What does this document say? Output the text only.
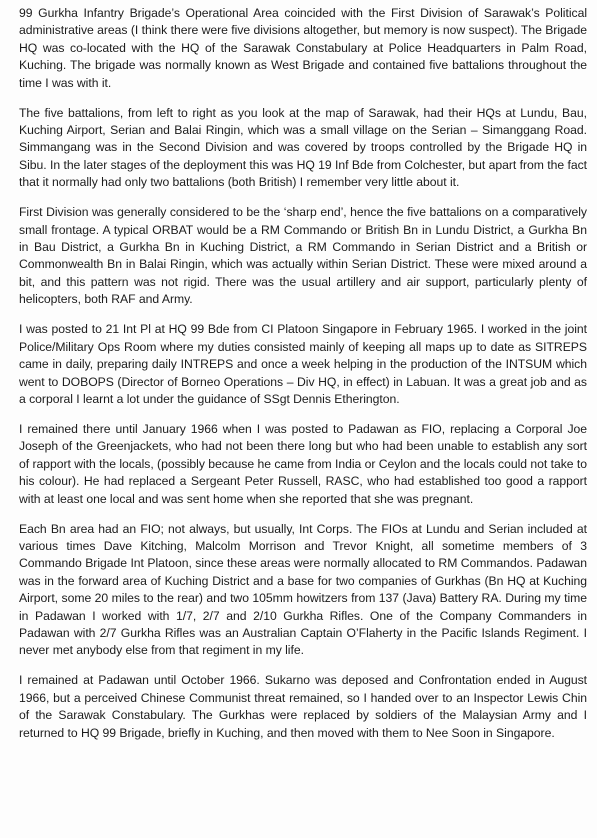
99 Gurkha Infantry Brigade’s Operational Area coincided with the First Division of Sarawak’s Political administrative areas (I think there were five divisions altogether, but memory is now suspect). The Brigade HQ was co-located with the HQ of the Sarawak Constabulary at Police Headquarters in Palm Road, Kuching. The brigade was normally known as West Brigade and contained five battalions throughout the time I was with it.

The five battalions, from left to right as you look at the map of Sarawak, had their HQs at Lundu, Bau, Kuching Airport, Serian and Balai Ringin, which was a small village on the Serian – Simanggang Road. Simmangang was in the Second Division and was covered by troops controlled by the Brigade HQ in Sibu. In the later stages of the deployment this was HQ 19 Inf Bde from Colchester, but apart from the fact that it normally had only two battalions (both British) I remember very little about it.

First Division was generally considered to be the ‘sharp end’, hence the five battalions on a comparatively small frontage. A typical ORBAT would be a RM Commando or British Bn in Lundu District, a Gurkha Bn in Bau District, a Gurkha Bn in Kuching District, a RM Commando in Serian District and a British or Commonwealth Bn in Balai Ringin, which was actually within Serian District. These were mixed around a bit, and this pattern was not rigid. There was the usual artillery and air support, particularly plenty of helicopters, both RAF and Army.

I was posted to 21 Int Pl at HQ 99 Bde from CI Platoon Singapore in February 1965. I worked in the joint Police/Military Ops Room where my duties consisted mainly of keeping all maps up to date as SITREPS came in daily, preparing daily INTREPS and once a week helping in the production of the INTSUM which went to DOBOPS (Director of Borneo Operations – Div HQ, in effect) in Labuan. It was a great job and as a corporal I learnt a lot under the guidance of SSgt Dennis Etherington.

I remained there until January 1966 when I was posted to Padawan as FIO, replacing a Corporal Joe Joseph of the Greenjackets, who had not been there long but who had been unable to establish any sort of rapport with the locals, (possibly because he came from India or Ceylon and the locals could not take to his colour). He had replaced a Sergeant Peter Russell, RASC, who had established too good a rapport with at least one local and was sent home when she reported that she was pregnant.

Each Bn area had an FIO; not always, but usually, Int Corps. The FIOs at Lundu and Serian included at various times Dave Kitching, Malcolm Morrison and Trevor Knight, all sometime members of 3 Commando Brigade Int Platoon, since these areas were normally allocated to RM Commandos. Padawan was in the forward area of Kuching District and a base for two companies of Gurkhas (Bn HQ at Kuching Airport, some 20 miles to the rear) and two 105mm howitzers from 137 (Java) Battery RA. During my time in Padawan I worked with 1/7, 2/7 and 2/10 Gurkha Rifles. One of the Company Commanders in Padawan with 2/7 Gurkha Rifles was an Australian Captain O’Flaherty in the Pacific Islands Regiment. I never met anybody else from that regiment in my life.

I remained at Padawan until October 1966. Sukarno was deposed and Confrontation ended in August 1966, but a perceived Chinese Communist threat remained, so I handed over to an Inspector Lewis Chin of the Sarawak Constabulary. The Gurkhas were replaced by soldiers of the Malaysian Army and I returned to HQ 99 Brigade, briefly in Kuching, and then moved with them to Nee Soon in Singapore.
